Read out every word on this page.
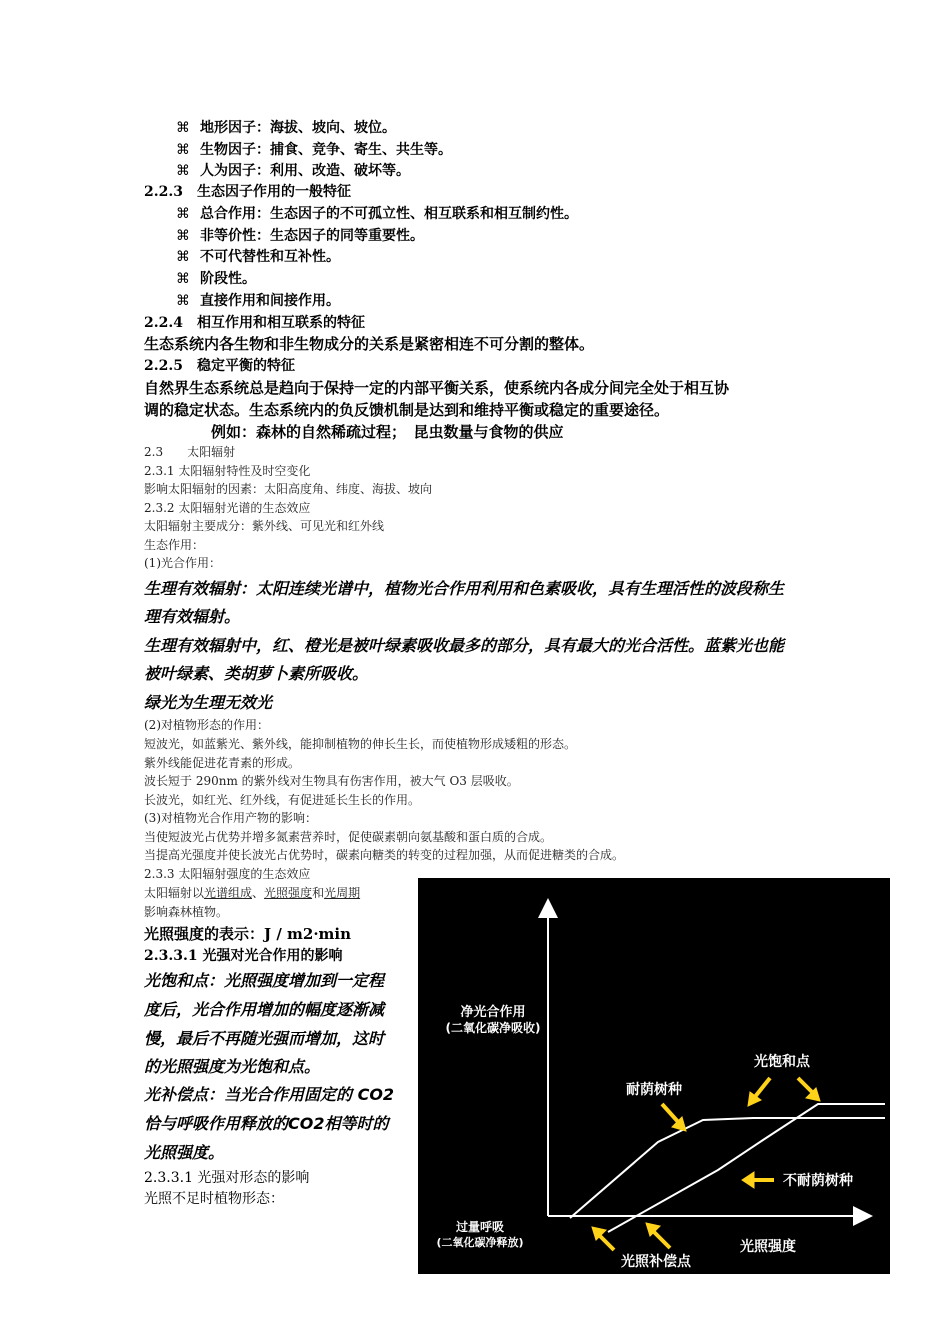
⌘ 地形因子：海拔、坡向、坡位。
⌘ 生物因子：捕食、竞争、寄生、共生等。
⌘ 人为因子：利用、改造、破坏等。
2.2.3　生态因子作用的一般特征
⌘ 总合作用：生态因子的不可孤立性、相互联系和相互制约性。
⌘ 非等价性：生态因子的同等重要性。
⌘ 不可代替性和互补性。
⌘ 阶段性。
⌘ 直接作用和间接作用。
2.2.4　相互作用和相互联系的特征
生态系统内各生物和非生物成分的关系是紧密相连不可分割的整体。
2.2.5　稳定平衡的特征
自然界生态系统总是趋向于保持一定的内部平衡关系，使系统内各成分间完全处于相互协
调的稳定状态。生态系统内的负反馈机制是达到和维持平衡或稳定的重要途径。
例如：森林的自然稀疏过程；　昆虫数量与食物的供应
2.3　　太阳辐射
2.3.1 太阳辐射特性及时空变化
影响太阳辐射的因素：太阳高度角、纬度、海拔、坡向
2.3.2 太阳辐射光谱的生态效应
太阳辐射主要成分：紫外线、可见光和红外线
生态作用：
(1)光合作用：
生理有效辐射：太阳连续光谱中，植物光合作用利用和色素吸收，具有生理活性的波段称生
理有效辐射。
生理有效辐射中，红、橙光是被叶绿素吸收最多的部分，具有最大的光合活性。蓝紫光也能
被叶绿素、类胡萝卜素所吸收。
绿光为生理无效光
(2)对植物形态的作用：
短波光，如蓝紫光、紫外线，能抑制植物的伸长生长，而使植物形成矮粗的形态。
紫外线能促进花青素的形成。
波长短于 290nm 的紫外线对生物具有伤害作用，被大气 O3 层吸收。
长波光，如红光、红外线，有促进延长生长的作用。
(3)对植物光合作用产物的影响：
当使短波光占优势并增多氮素营养时，促使碳素朝向氨基酸和蛋白质的合成。
当提高光强度并使长波光占优势时，碳素向糖类的转变的过程加强，从而促进糖类的合成。
2.3.3 太阳辐射强度的生态效应
太阳辐射以光谱组成、光照强度和光周期
影响森林植物。
光照强度的表示：J / m2·min
2.3.3.1 光强对光合作用的影响
光饱和点：光照强度增加到一定程
度后，光合作用增加的幅度逐渐减
慢，最后不再随光强而增加，这时
的光照强度为光饱和点。
光补偿点：当光合作用固定的 CO2
恰与呼吸作用释放的CO2相等时的
光照强度。
2.3.3.1 光强对形态的影响
光照不足时植物形态：
净光合作用
(二氧化碳净吸收)
耐荫树种
光饱和点
不耐荫树种
过量呼吸
(二氧化碳净释放)
光照补偿点
光照强度
